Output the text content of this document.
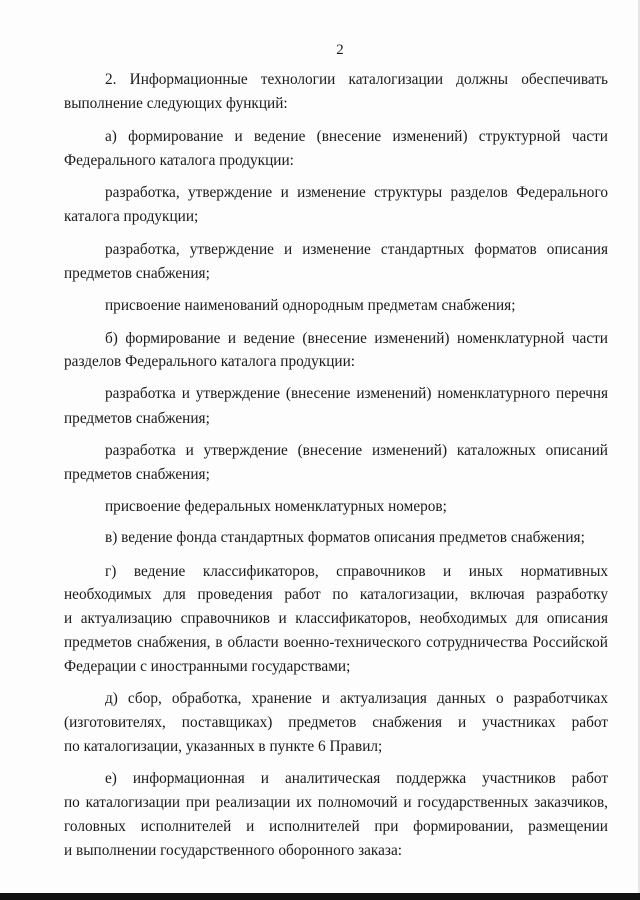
2
2. Информационные технологии каталогизации должны обеспечивать
выполнение следующих функций:
а) формирование и ведение (внесение изменений) структурной части
Федерального каталога продукции:
разработка, утверждение и изменение структуры разделов Федерального
каталога продукции;
разработка, утверждение и изменение стандартных форматов описания
предметов снабжения;
присвоение наименований однородным предметам снабжения;
б) формирование и ведение (внесение изменений) номенклатурной части
разделов Федерального каталога продукции:
разработка и утверждение (внесение изменений) номенклатурного перечня
предметов снабжения;
разработка и утверждение (внесение изменений) каталожных описаний
предметов снабжения;
присвоение федеральных номенклатурных номеров;
в) ведение фонда стандартных форматов описания предметов снабжения;
г) ведение классификаторов, справочников и иных нормативных
необходимых для проведения работ по каталогизации, включая разработку
и актуализацию справочников и классификаторов, необходимых для описания
предметов снабжения, в области военно-технического сотрудничества Российской
Федерации с иностранными государствами;
д) сбор, обработка, хранение и актуализация данных о разработчиках
(изготовителях, поставщиках) предметов снабжения и участниках работ
по каталогизации, указанных в пункте 6 Правил;
е) информационная и аналитическая поддержка участников работ
по каталогизации при реализации их полномочий и государственных заказчиков,
головных исполнителей и исполнителей при формировании, размещении
и выполнении государственного оборонного заказа:
